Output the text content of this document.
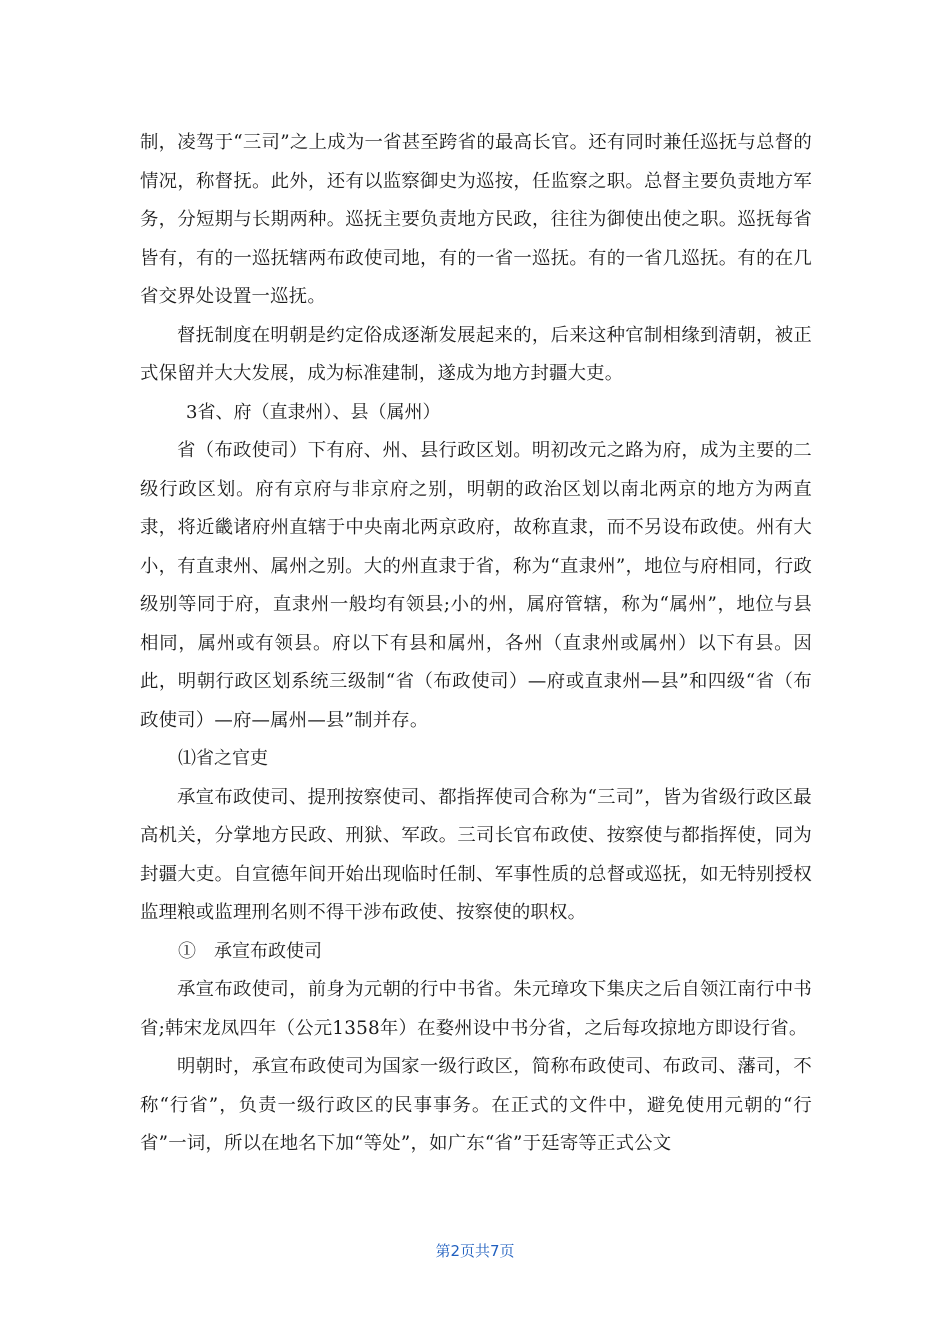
制，凌驾于“三司”之上成为一省甚至跨省的最高长官。还有同时兼任巡抚与总督的情况，称督抚。此外，还有以监察御史为巡按，任监察之职。总督主要负责地方军务，分短期与长期两种。巡抚主要负责地方民政，往往为御使出使之职。巡抚每省皆有，有的一巡抚辖两布政使司地，有的一省一巡抚。有的一省几巡抚。有的在几省交界处设置一巡抚。

督抚制度在明朝是约定俗成逐渐发展起来的，后来这种官制相缘到清朝，被正式保留并大大发展，成为标准建制，遂成为地方封疆大吏。

3省、府（直隶州）、县（属州）

省（布政使司）下有府、州、县行政区划。明初改元之路为府，成为主要的二级行政区划。府有京府与非京府之别，明朝的政治区划以南北两京的地方为两直隶，将近畿诸府州直辖于中央南北两京政府，故称直隶，而不另设布政使。州有大小，有直隶州、属州之别。大的州直隶于省，称为“直隶州”，地位与府相同，行政级别等同于府，直隶州一般均有领县;小的州，属府管辖，称为“属州”，地位与县相同，属州或有领县。府以下有县和属州，各州（直隶州或属州）以下有县。因此，明朝行政区划系统三级制“省（布政使司）—府或直隶州—县”和四级“省（布政使司）—府—属州—县”制并存。

⑴省之官吏

承宣布政使司、提刑按察使司、都指挥使司合称为“三司”，皆为省级行政区最高机关，分掌地方民政、刑狱、军政。三司长官布政使、按察使与都指挥使，同为封疆大吏。自宣德年间开始出现临时任制、军事性质的总督或巡抚，如无特别授权监理粮或监理刑名则不得干涉布政使、按察使的职权。

①　承宣布政使司

承宣布政使司，前身为元朝的行中书省。朱元璋攻下集庆之后自领江南行中书省;韩宋龙凤四年（公元1358年）在婺州设中书分省，之后每攻掠地方即设行省。

明朝时，承宣布政使司为国家一级行政区，简称布政使司、布政司、藩司，不称“行省”，负责一级行政区的民事事务。在正式的文件中，避免使用元朝的“行省”一词，所以在地名下加“等处”，如广东“省”于廷寄等正式公文

第2页共7页
